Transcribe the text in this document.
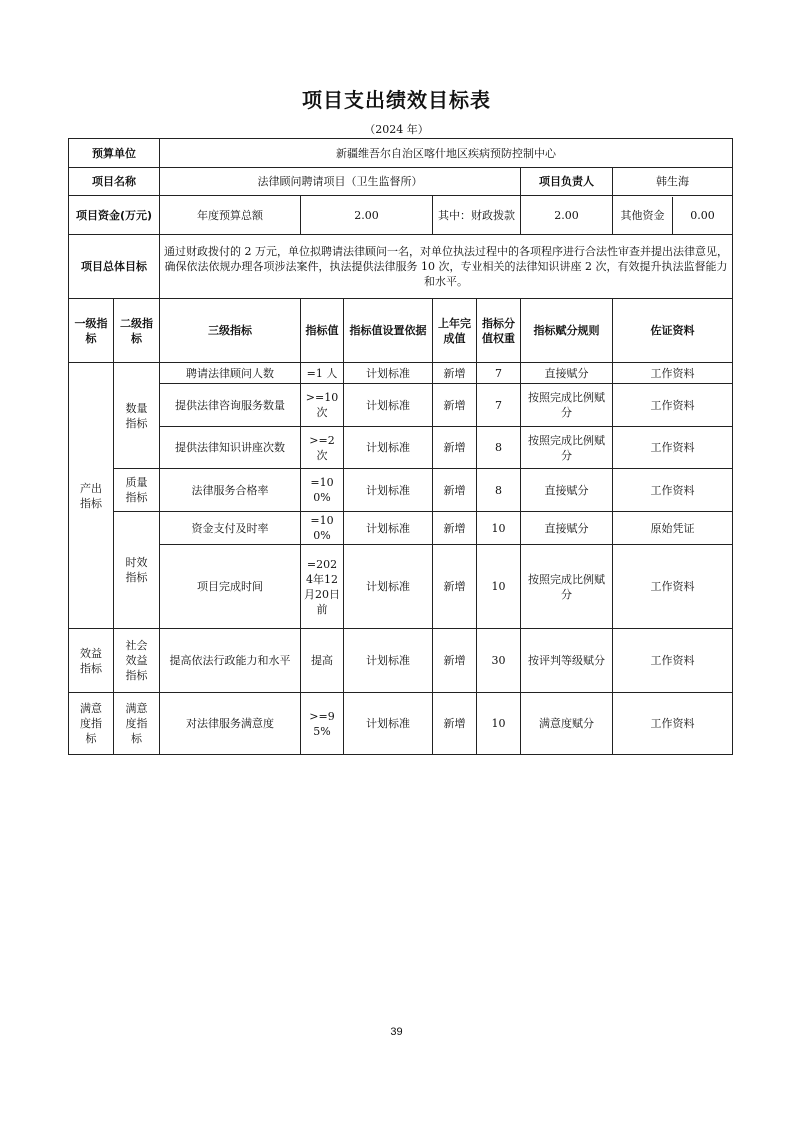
项目支出绩效目标表
（2024 年）
预算单位		新疆维吾尔自治区喀什地区疾病预防控制中心						
项目名称		法律顾问聘请项目（卫生监督所）					项目负责人	韩生海
项目资金(万元)		年度预算总额	2.00		其中：财政拨款		2.00	其他资金 0.00

项目总体目标		通过财政拨付的 2 万元，单位拟聘请法律顾问一名，对单位执法过程中的各项程序进行合法性审查并提出法律意见，确保依法依规办理各项涉法案件，执法提供法律服务 10 次，专业相关的法律知识讲座 2 次，有效提升执法监督能力和水平。						
一级指标	二级指标	三级指标	指标值	指标值设置依据	上年完成值	指标分值权重	指标赋分规则	佐证资料
产出指标	数量指标	聘请法律顾问人数	=1 人	计划标准	新增	7	直接赋分	工作资料
		提供法律咨询服务数量	>=10次	计划标准	新增	7	按照完成比例赋分	工作资料
		提供法律知识讲座次数	>=2次	计划标准	新增	8	按照完成比例赋分	工作资料
	质量指标	法律服务合格率	=100%	计划标准	新增	8	直接赋分	工作资料
	时效指标	资金支付及时率	=100%	计划标准	新增	10	直接赋分	原始凭证
		项目完成时间	=2024年12月20日前	计划标准	新增	10	按照完成比例赋分	工作资料
效益指标	社会效益指标	提高依法行政能力和水平	提高	计划标准	新增	30	按评判等级赋分	工作资料
满意度指标	满意度指标	对法律服务满意度	>=95%	计划标准	新增	10	满意度赋分	工作资料
39
